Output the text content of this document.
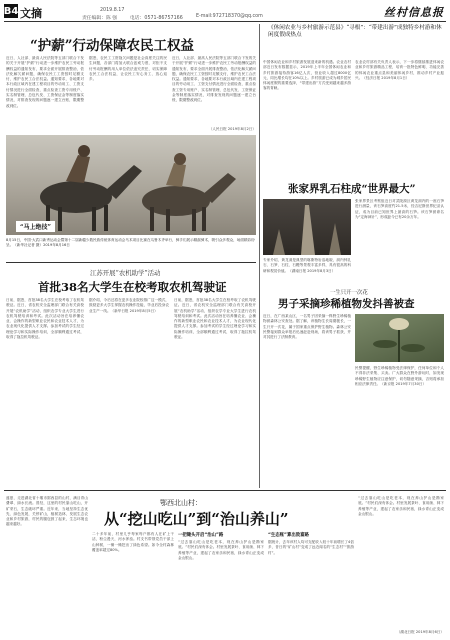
B4 文摘	2019.8.17
责任编辑：陈 强	电话：0571-86757166	E-mail:972718370@qq.com	丝村信息报
“护薪”行动保障农民工权益
近日，人社部、最高人民法院等五部门联合下发的关于开展“护薪”行动进一步维护农民工劳动报酬权益的通知发布，要求全面开展排查整治，依法化解欠薪问题，确保农民工工资按时足额支付，维护农民工合法权益。通知要求，各地要对本行政区域内在建工程项目的劳动用工、工资支付情况进行全面检查，重点检查工资专用账户、实名制管理、总包代发、工资保证金等制度落实情况，对排查发现的问题逐一建立台账，限期整改到位。
据悉，农民工工资拖欠问题是社会高度关注的民生问题，各部门将加大联合惩戒力度，对拒不支付劳动报酬的用人单位依法追究责任，切实保障农民工合法权益，让农民工安心务工、放心返乡。
近日，人社部、最高人民法院等五部门联合下发的关于开展“护薪”行动进一步维护农民工劳动报酬权益的通知发布，要求全面开展排查整治，依法化解欠薪问题，确保农民工工资按时足额支付，维护农民工合法权益。通知要求，各地要对本行政区域内在建工程项目的劳动用工、工资支付情况进行全面检查，重点检查工资专用账户、实名制管理、总包代发、工资保证金等制度落实情况，对排查发现的问题逐一建立台账，限期整改到位。
（人民日报 2019年8月2日）
“马上绝技”
8月15日，中国·大武口新秀运动会暨第十二届新疆少数民族传统体育运动会马术项目比赛在乌鲁木齐举行，骑手们展示精湛骑术，吸引众多观众，场面精彩纷呈。（新华社记者 摄）2019年8月16日
《休闲农业与乡村旅游示范县》“寻根”：“带建出游”成独特乡村游和休闲度假成热点
中国休闲农业和乡村旅游发展迎来新的机遇。农业农村部近日发布数据显示，2019年上半年全国休闲农业和乡村旅游接待游客16亿人次，营业收入超过8000亿元，同比增长均在10%以上。乡村旅游已成为城乡居民休闲度假的重要选择，“带建出游”方式受到越来越多游客的青睐。
农业农村部有关负责人表示，下一步将继续推进休闲农业和乡村旅游精品工程，培育一批特色鲜明、功能完善的休闲农业重点县和美丽休闲乡村，推动乡村产业振兴。（经济日报 2019年8月1日）
张家界乳石柱成“世界最大”
张家界景区考察组近日对武陵源区黄龙洞内的一座石笋进行测量，该石笋高度约21.5米，经吉尼斯世界纪录认证，成为目前已知世界上最高的石笋。该石笋被命名为“定海神针”，形成距今已有20余万年。
专家介绍，黄龙洞是典型的喀斯特岩溶地貌，洞内钟乳石、石笋、石柱、石幔等景观丰富多样，具有很高的科研和观赏价值。（湖南日报 2019年8月3日）
一生只开一次花
男子采摘珍稀植物发抖善被查
近日，在广西某山区，一名男子因采摘一株野生珍稀植物被森林公安查处。据了解，该植物生长周期极长，一生只开一次花，属于国家重点保护野生植物。森林公安民警接到群众举报后迅速赶赴现场，将该男子抓获，并对其进行了法制教育。
民警提醒，野生珍稀植物受法律保护，任何单位和个人不得非法采集、买卖。广大群众在野外游玩时，如发现珍稀野生植物应注意保护，切勿随意采摘，否则将承担相应法律责任。（新京报 2019年7月30日）
江苏开展“农机助学”活动
首批38名大学生在校考取农机驾驶证
日前，据悉，首批38名大学生在校考取了农机驾驶证。近日，省农机安全监理部门联合有关高校开展“农机助学”活动，组织农学专业大学生进行农机驾驶培训和考试。此次活动旨在培养懂农业、会操作的新型职业农民和农业技术人才，为农业现代化提供人才支撑。参加考试的学生经过理论学习和实际操作培训，全部顺利通过考试，取得了拖拉机驾驶证。
据介绍，今后还将在更多农业院校推广这一模式，鼓励更多大学生掌握农机操作技能，毕业后投身农业生产一线。（新华日报 2019年8月5日）
日前，据悉，首批38名大学生在校考取了农机驾驶证。近日，省农机安全监理部门联合有关高校开展“农机助学”活动，组织农学专业大学生进行农机驾驶培训和考试。此次活动旨在培养懂农业、会操作的新型职业农民和农业技术人才，为农业现代化提供人才支撑。参加考试的学生经过理论学习和实际操作培训，全部顺利通过考试，取得了拖拉机驾驶证。
盛夏，走进湖北省十堰市郧西县的山村，满目青山叠翠、绿水长流。曾经，这里的村民靠山吃山，开矿采石，生态破坏严重。近年来，当地坚持生态优先、绿色发展，关停矿山，植树造林，发展生态农业和乡村旅游，村民的腰包鼓了起来，生态环境也越来越好。
鄂西北山村：
从“挖山吃山”到“治山养山”
二十多年前，村里几乎每家每户都有人在矿上干活，粉尘漫天，河水浑浊。村支书带领党员干部上山种树，一锄一锄挖出了绿色希望。如今全村森林覆盖率超过80%。
一把锄头开启“治山”路
“过去靠山吃山是吃老本，现在养山护山是攒家底。”村民们深有体会。村里发展茶叶、食用菌、林下养殖等产业，建起了农家乐和民宿，绿水青山正变成金山银山。
“生态账”算出致富路
据统计，去年该村人均可支配收入较十年前增长了4倍多，昔日的“矿山村”变成了远近闻名的“生态村”“旅游村”。
“过去靠山吃山是吃老本，现在养山护山是攒家底。”村民们深有体会。村里发展茶叶、食用菌、林下养殖等产业，建起了农家乐和民宿，绿水青山正变成金山银山。
（湖北日报 2019年8月6日）
